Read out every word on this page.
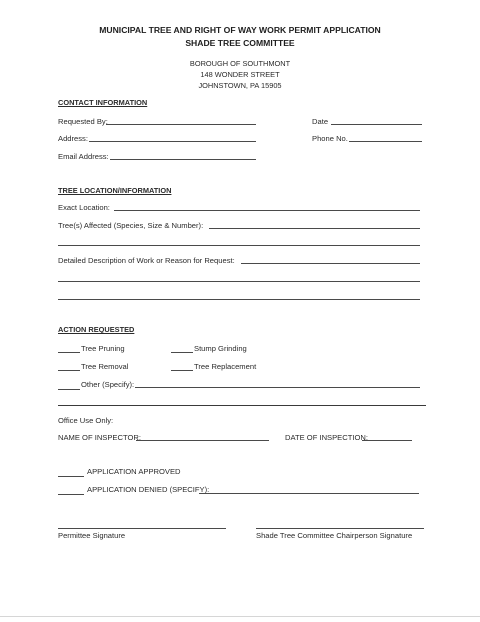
MUNICIPAL TREE AND RIGHT OF WAY WORK PERMIT APPLICATION
SHADE TREE COMMITTEE
BOROUGH OF SOUTHMONT
148 WONDER STREET
JOHNSTOWN, PA 15905
CONTACT INFORMATION
Requested By:	Date
Address:	Phone No.
Email Address:
TREE LOCATION/INFORMATION
Exact Location:
Tree(s) Affected (Species, Size & Number):
Detailed Description of Work or Reason for Request:
ACTION REQUESTED
Tree Pruning	Stump Grinding
Tree Removal	Tree Replacement
Other (Specify):
Office Use Only:
NAME OF INSPECTOR:	DATE OF INSPECTION:
APPLICATION APPROVED
APPLICATION DENIED (SPECIFY):
Permittee Signature	Shade Tree Committee Chairperson Signature
